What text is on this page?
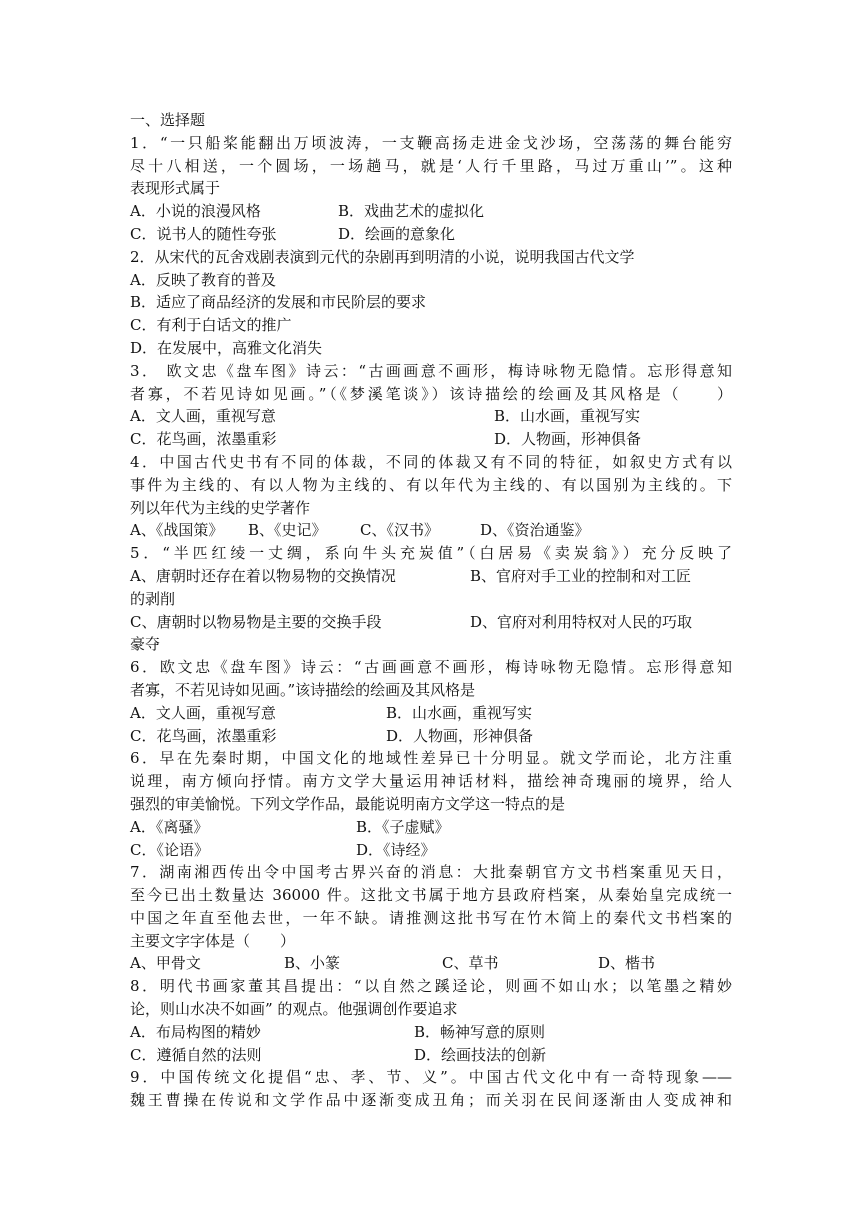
一、选择题
1．“一只船桨能翻出万顷波涛，一支鞭高扬走进金戈沙场，空荡荡的舞台能穷
尽十八相送，一个圆场，一场趟马，就是‘人行千里路，马过万重山’”。这种
表现形式属于
A．小说的浪漫风格	B．戏曲艺术的虚拟化
C．说书人的随性夸张	D．绘画的意象化
2．从宋代的瓦舍戏剧表演到元代的杂剧再到明清的小说，说明我国古代文学
A．反映了教育的普及
B．适应了商品经济的发展和市民阶层的要求
C．有利于白话文的推广
D．在发展中，高雅文化消失
3． 欧文忠《盘车图》诗云：“古画画意不画形，梅诗咏物无隐情。忘形得意知
者寡，不若见诗如见画。”（《梦溪笔谈》）该诗描绘的绘画及其风格是（　　）
A．文人画，重视写意	B．山水画，重视写实
C．花鸟画，浓墨重彩	D．人物画，形神俱备
4．中国古代史书有不同的体裁，不同的体裁又有不同的特征，如叙史方式有以
事件为主线的、有以人物为主线的、有以年代为主线的、有以国别为主线的。下
列以年代为主线的史学著作
A、《战国策》 B、《史记》 C、《汉书》	D、《资治通鉴》
5．“半匹红绫一丈绸，系向牛头充炭值”（白居易《卖炭翁》）充分反映了
A、唐朝时还存在着以物易物的交换情况	B、官府对手工业的控制和对工匠
的剥削
C、唐朝时以物易物是主要的交换手段	D、官府对利用特权对人民的巧取
豪夺
6．欧文忠《盘车图》诗云：“古画画意不画形，梅诗咏物无隐情。忘形得意知
者寡，不若见诗如见画。”该诗描绘的绘画及其风格是
A．文人画，重视写意	B．山水画，重视写实
C．花鸟画，浓墨重彩	D．人物画，形神俱备
6．早在先秦时期，中国文化的地域性差异已十分明显。就文学而论，北方注重
说理，南方倾向抒情。南方文学大量运用神话材料，描绘神奇瑰丽的境界，给人
强烈的审美愉悦。下列文学作品，最能说明南方文学这一特点的是
A．《离骚》	B．《子虚赋》
C．《论语》	D．《诗经》
7．湖南湘西传出令中国考古界兴奋的消息：大批秦朝官方文书档案重见天日，
至今已出土数量达 36000 件。这批文书属于地方县政府档案，从秦始皇完成统一
中国之年直至他去世，一年不缺。请推测这批书写在竹木简上的秦代文书档案的
主要文字字体是（　　）
A、甲骨文	B、小篆	C、草书	D、楷书
8．明代书画家董其昌提出：“以自然之蹊迳论，则画不如山水；以笔墨之精妙
论，则山水决不如画” 的观点。他强调创作要追求
A．布局构图的精妙	B．畅神写意的原则
C．遵循自然的法则	D．绘画技法的创新
9．中国传统文化提倡“忠、孝、节、义”。中国古代文化中有一奇特现象——
魏王曹操在传说和文学作品中逐渐变成丑角；而关羽在民间逐渐由人变成神和
